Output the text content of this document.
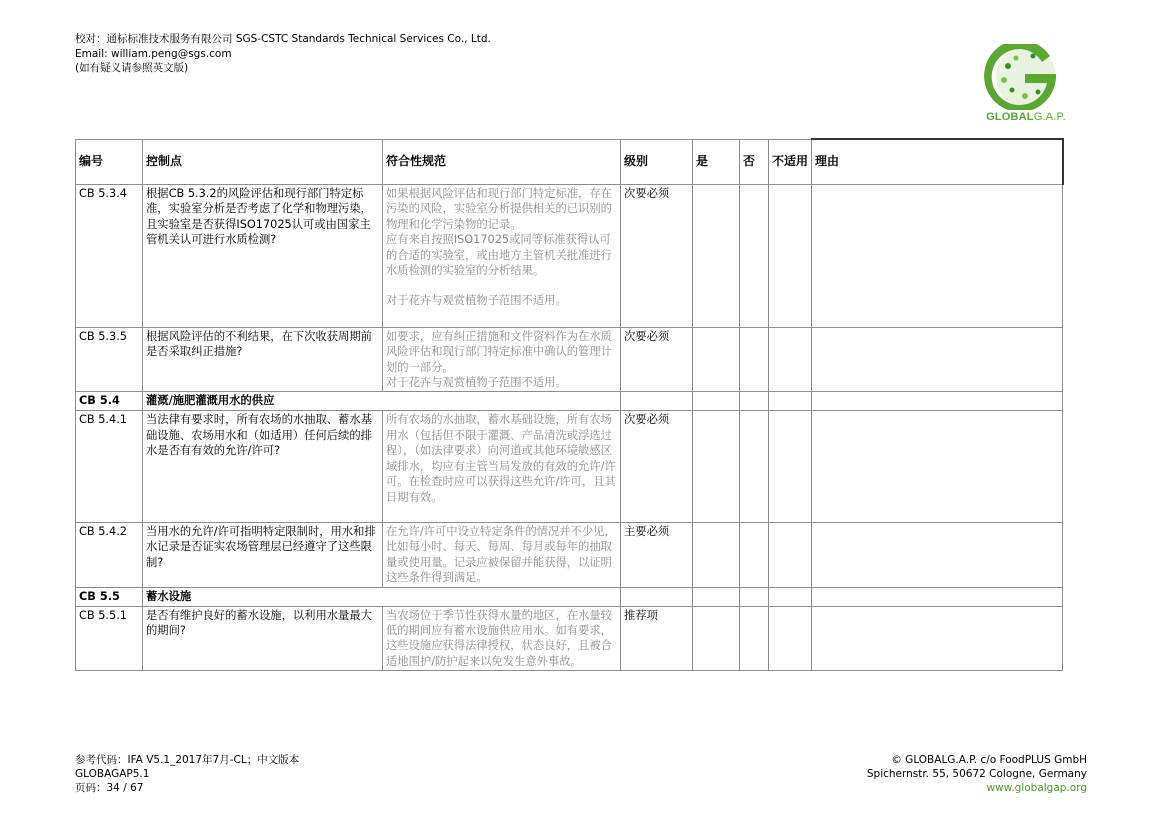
校对：通标标准技术服务有限公司 SGS-CSTC Standards Technical Services Co., Ltd.
Email: william.peng@sgs.com
(如有疑义请参照英文版)
GLOBALG.A.P.
编号	控制点	符合性规范	级别	是	否	不适用	理由
CB 5.3.4	根据CB 5.3.2的风险评估和现行部门特定标准，实验室分析是否考虑了化学和物理污染，且实验室是否获得ISO17025认可或由国家主管机关认可进行水质检测?	如果根据风险评估和现行部门特定标准，存在污染的风险，实验室分析提供相关的已识别的物理和化学污染物的记录。
应有来自按照ISO17025或同等标准获得认可的合适的实验室，或由地方主管机关批准进行水质检测的实验室的分析结果。
对于花卉与观赏植物子范围不适用。	次要必须				
CB 5.3.5	根据风险评估的不利结果，在下次收获周期前是否采取纠正措施?	如要求，应有纠正措施和文件资料作为在水质风险评估和现行部门特定标准中确认的管理计划的一部分。
对于花卉与观赏植物子范围不适用。	次要必须				
CB 5.4	灌溉/施肥灌溉用水的供应						
CB 5.4.1	当法律有要求时，所有农场的水抽取、蓄水基础设施、农场用水和（如适用）任何后续的排水是否有有效的允许/许可?	所有农场的水抽取，蓄水基础设施，所有农场用水（包括但不限于灌溉、产品清洗或浮选过程），（如法律要求）向河道或其他环境敏感区域排水，均应有主管当局发放的有效的允许/许可。在检查时应可以获得这些允许/许可，且其日期有效。	次要必须				
CB 5.4.2	当用水的允许/许可指明特定限制时，用水和排水记录是否证实农场管理层已经遵守了这些限制?	在允许/许可中设立特定条件的情况并不少见，比如每小时、每天、每周、每月或每年的抽取量或使用量。记录应被保留并能获得，以证明这些条件得到满足。	主要必须				
CB 5.5	蓄水设施						
CB 5.5.1	是否有维护良好的蓄水设施，以利用水量最大的期间?	当农场位于季节性获得水量的地区，在水量较低的期间应有蓄水设施供应用水。如有要求，这些设施应获得法律授权，状态良好，且被合适地围护/防护起来以免发生意外事故。	推荐项				
参考代码：IFA V5.1_2017年7月-CL；中文版本
GLOBAGAP5.1
页码：34 / 67
© GLOBALG.A.P. c/o FoodPLUS GmbH
Spichernstr. 55, 50672 Cologne, Germany
www.globalgap.org
